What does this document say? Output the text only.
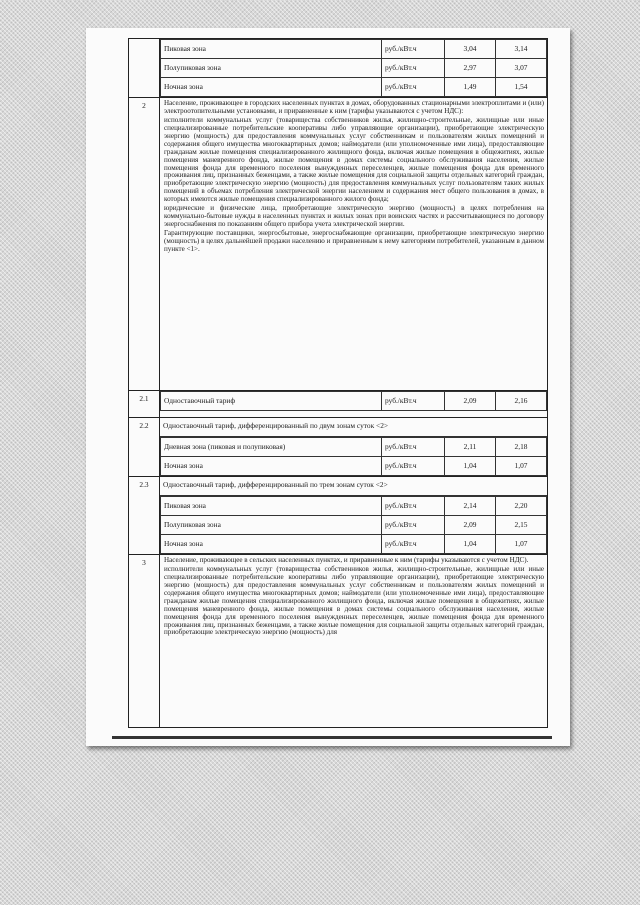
Пиковая зона	руб./кВт.ч	3,04	3,14
Полупиковая зона	руб./кВт.ч	2,97	3,07
Ночная зона	руб./кВт.ч	1,49	1,54

2	Население, проживающее в городских населенных пунктах в домах, оборудованных стационарными электроплитами и (или) электроотопительными установками, и приравненные к ним (тарифы указываются с учетом НДС):

исполнители коммунальных услуг (товарищества собственников жилья, жилищно-строительные, жилищные или иные специализированные потребительские кооперативы либо управляющие организации), приобретающие электрическую энергию (мощность) для предоставления коммунальных услуг собственникам и пользователям жилых помещений и содержания общего имущества многоквартирных домов; наймодатели (или уполномоченные ими лица), предоставляющие гражданам жилые помещения специализированного жилищного фонда, включая жилые помещения в общежитиях, жилые помещения маневренного фонда, жилые помещения в домах системы социального обслуживания населения, жилые помещения фонда для временного поселения вынужденных переселенцев, жилые помещения фонда для временного проживания лиц, признанных беженцами, а также жилые помещения для социальной защиты отдельных категорий граждан, приобретающие электрическую энергию (мощность) для предоставления коммунальных услуг пользователям таких жилых помещений в объемах потребления электрической энергии населением и содержания мест общего пользования в домах, в которых имеются жилые помещения специализированного жилого фонда;

юридические и физические лица, приобретающие электрическую энергию (мощность) в целях потребления на коммунально-бытовые нужды в населенных пунктах и жилых зонах при воинских частях и рассчитывающиеся по договору энергоснабжения по показаниям общего прибора учета электрической энергии.

Гарантирующие поставщики, энергосбытовые, энергоснабжающие организации, приобретающие электрическую энергию (мощность) в целях дальнейшей продажи населению и приравненным к нему категориям потребителей, указанным в данном пункте <1>.

2.1	Одноставочный тариф	руб./кВт.ч	2,09	2,16

2.2	Одноставочный тариф, дифференцированный по двум зонам суток <2>
Дневная зона (пиковая и полупиковая)	руб./кВт.ч	2,11	2,18
Ночная зона	руб./кВт.ч	1,04	1,07

2.3	Одноставочный тариф, дифференцированный по трем зонам суток <2>
Пиковая зона	руб./кВт.ч	2,14	2,20
Полупиковая зона	руб./кВт.ч	2,09	2,15
Ночная зона	руб./кВт.ч	1,04	1,07

3	Население, проживающее в сельских населенных пунктах, и приравненные к ним (тарифы указываются с учетом НДС).

исполнители коммунальных услуг (товарищества собственников жилья, жилищно-строительные, жилищные или иные специализированные потребительские кооперативы либо управляющие организации), приобретающие электрическую энергию (мощность) для предоставления коммунальных услуг собственникам и пользователям жилых помещений и содержания общего имущества многоквартирных домов; наймодатели (или уполномоченные ими лица), предоставляющие гражданам жилые помещения специализированного жилищного фонда, включая жилые помещения в общежитиях, жилые помещения маневренного фонда, жилые помещения в домах системы социального обслуживания населения, жилые помещения фонда для временного поселения вынужденных переселенцев, жилые помещения фонда для временного проживания лиц, признанных беженцами, а также жилые помещения для социальной защиты отдельных категорий граждан, приобретающие электрическую энергию (мощность) для
